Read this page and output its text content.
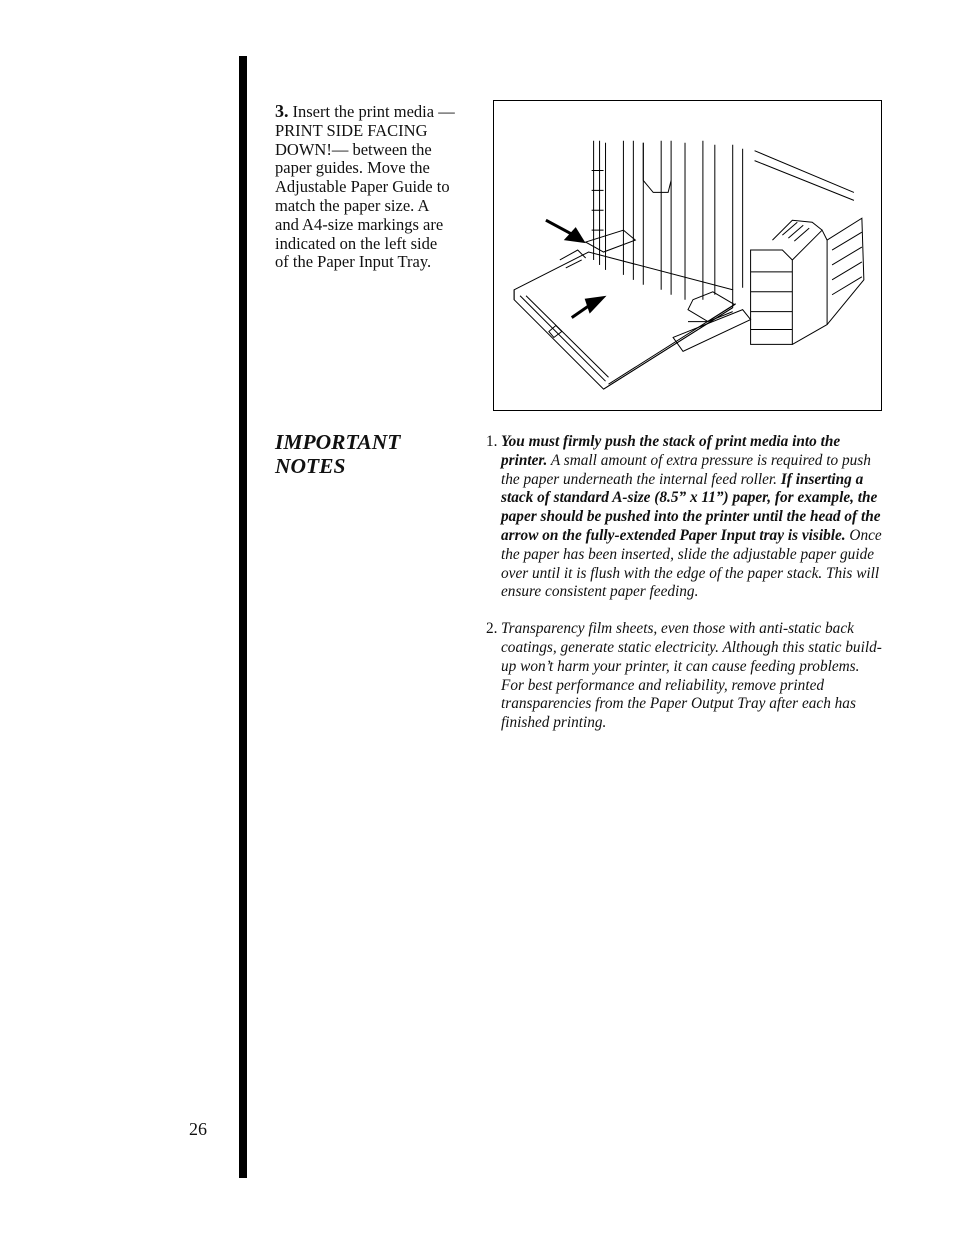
3. Insert the print media — PRINT SIDE FACING DOWN!— between the paper guides. Move the Adjustable Paper Guide to match the paper size. A and A4-size markings are indicated on the left side of the Paper Input Tray.
IMPORTANT NOTES
1. You must firmly push the stack of print media into the printer. A small amount of extra pressure is required to push the paper underneath the internal feed roller. If inserting a stack of standard A-size (8.5” x 11”) paper, for example, the paper should be pushed into the printer until the head of the arrow on the fully-extended Paper Input tray is visible. Once the paper has been inserted, slide the adjustable paper guide over until it is flush with the edge of the paper stack. This will ensure consistent paper feeding.
2. Transparency film sheets, even those with anti-static back coatings, generate static electricity. Although this static build-up won’t harm your printer, it can cause feeding problems. For best performance and reliability, remove printed transparencies from the Paper Output Tray after each has finished printing.
26
